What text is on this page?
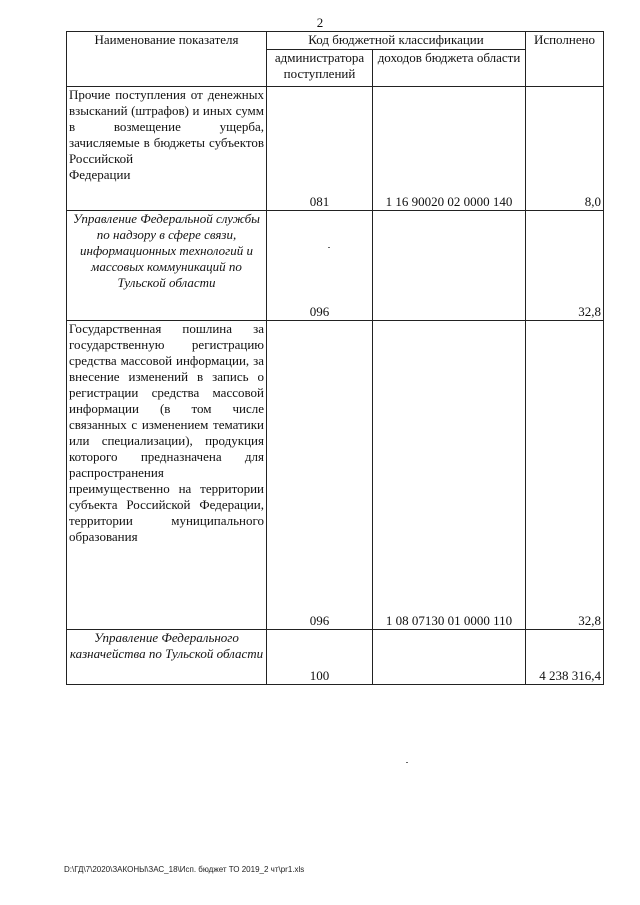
2
Наименование показателя	Код бюджетной классификации		Исполнено
	администратора поступлений	доходов бюджета области	
Прочие поступления от денежных взысканий (штрафов) и иных сумм в возмещение ущерба, зачисляемые в бюджеты субъектов Российской
Федерации	081	1 16 90020 02 0000 140	8,0
Управление Федеральной службы по надзору в сфере связи, информационных технологий и массовых коммуникаций по Тульской области	096		32,8
Государственная пошлина за государственную регистрацию средства массовой информации, за внесение изменений в запись о регистрации средства массовой информации (в том числе связанных с изменением тематики или специализации), продукция которого предназначена для распространения преимущественно на территории субъекта Российской Федерации, территории муниципального
образования	096	1 08 07130 01 0000 110	32,8
Управление Федерального казначейства по Тульской области	100		4 238 316,4
D:\ГД\7\2020\ЗАКОНЫ\ЗАС_18\Исп. бюджет ТО 2019_2 чт\pr1.xls
